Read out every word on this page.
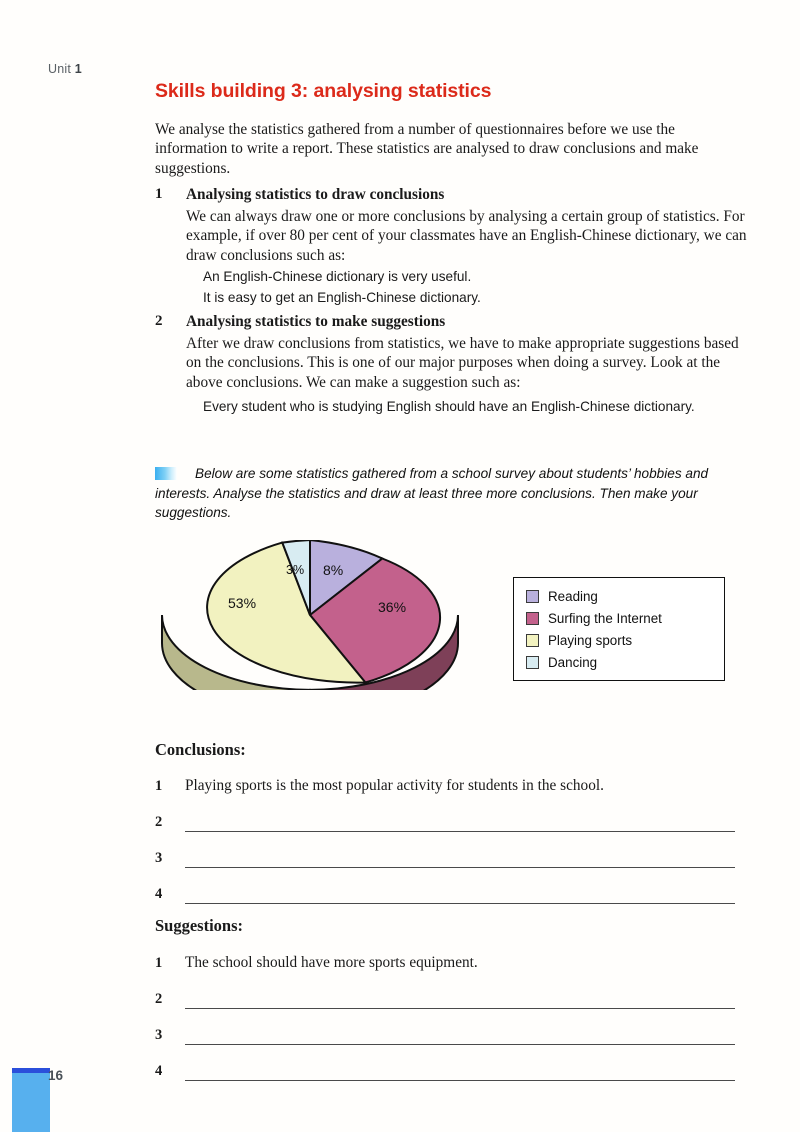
Unit 1
Skills building 3: analysing statistics
We analyse the statistics gathered from a number of questionnaires before we use the information to write a report. These statistics are analysed to draw conclusions and make suggestions.
1 Analysing statistics to draw conclusions
We can always draw one or more conclusions by analysing a certain group of statistics. For example, if over 80 per cent of your classmates have an English-Chinese dictionary, we can draw conclusions such as:
An English-Chinese dictionary is very useful.
It is easy to get an English-Chinese dictionary.
2 Analysing statistics to make suggestions
After we draw conclusions from statistics, we have to make appropriate suggestions based on the conclusions. This is one of our major purposes when doing a survey. Look at the above conclusions. We can make a suggestion such as:
Every student who is studying English should have an English-Chinese dictionary.
Below are some statistics gathered from a school survey about students’ hobbies and interests. Analyse the statistics and draw at least three more conclusions. Then make your suggestions.
8%
36%
53%
3%
Reading
Surfing the Internet
Playing sports
Dancing
Conclusions:
1 Playing sports is the most popular activity for students in the school.
2
3
4
Suggestions:
1 The school should have more sports equipment.
2
3
4
16
